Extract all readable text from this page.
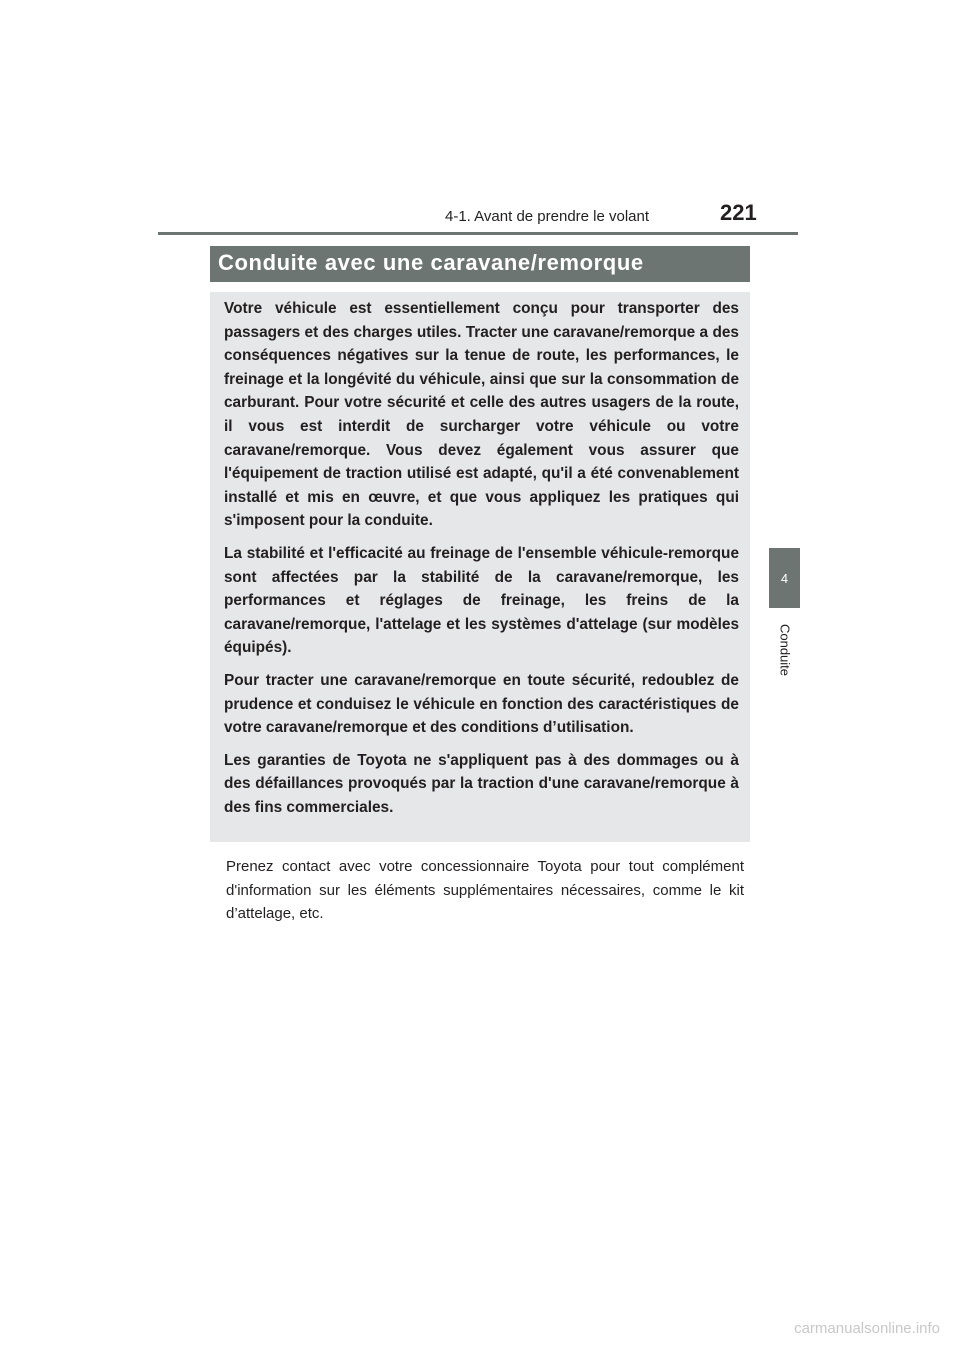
4-1. Avant de prendre le volant	221
Conduite avec une caravane/remorque

Votre véhicule est essentiellement conçu pour transporter des passagers et des charges utiles. Tracter une caravane/remorque a des conséquences négatives sur la tenue de route, les performances, le freinage et la longévité du véhicule, ainsi que sur la consommation de carburant. Pour votre sécurité et celle des autres usagers de la route, il vous est interdit de surcharger votre véhicule ou votre caravane/remorque. Vous devez également vous assurer que l'équipement de traction utilisé est adapté, qu'il a été convenablement installé et mis en œuvre, et que vous appliquez les pratiques qui s'imposent pour la conduite.

La stabilité et l'efficacité au freinage de l'ensemble véhicule-remorque sont affectées par la stabilité de la caravane/remorque, les performances et réglages de freinage, les freins de la caravane/remorque, l'attelage et les systèmes d'attelage (sur modèles équipés).

Pour tracter une caravane/remorque en toute sécurité, redoublez de prudence et conduisez le véhicule en fonction des caractéristiques de votre caravane/remorque et des conditions d’utilisation.

Les garanties de Toyota ne s'appliquent pas à des dommages ou à des défaillances provoqués par la traction d'une caravane/remorque à des fins commerciales.

Prenez contact avec votre concessionnaire Toyota pour tout complément d'information sur les éléments supplémentaires nécessaires, comme le kit d’attelage, etc.
4
Conduite
carmanualsonline.info
